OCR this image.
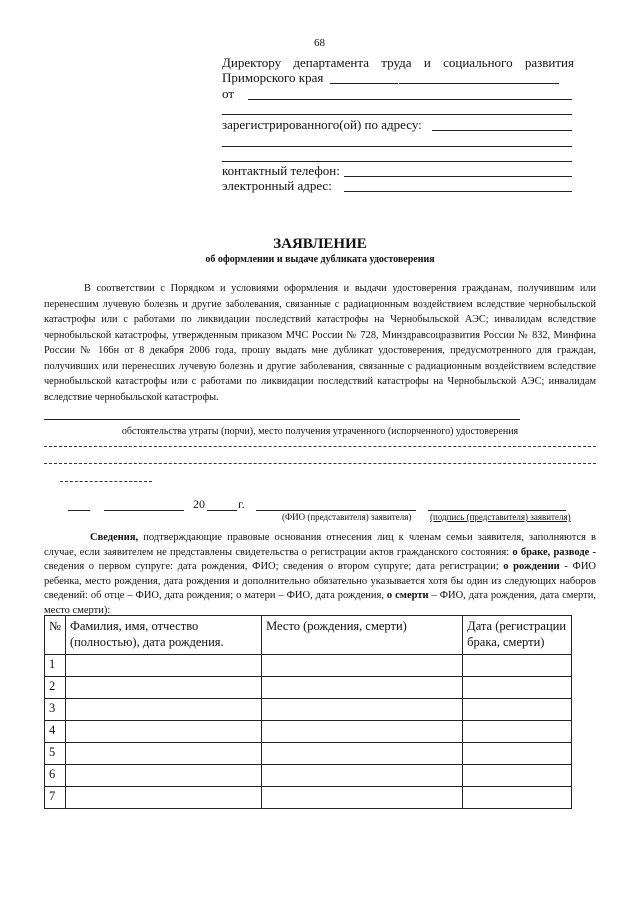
68
Директору департамента труда и социального развития
Приморского края
от
зарегистрированного(ой) по адресу:
контактный телефон:
электронный адрес:
ЗАЯВЛЕНИЕ
об оформлении и выдаче дубликата удостоверения
В соответствии с Порядком и условиями оформления и выдачи удостоверения гражданам, получившим или перенесшим лучевую болезнь и другие заболевания, связанные с радиационным воздействием вследствие чернобыльской катастрофы или с работами по ликвидации последствий катастрофы на Чернобыльской АЭС; инвалидам вследствие чернобыльской катастрофы, утвержденным приказом МЧС России № 728, Минздравсоцразвития России № 832, Минфина России № 166н от 8 декабря 2006 года, прошу выдать мне дубликат удостоверения, предусмотренного для граждан, получивших или перенесших лучевую болезнь и другие заболевания, связанные с радиационным воздействием вследствие чернобыльской катастрофы или с работами по ликвидации последствий катастрофы на Чернобыльской АЭС; инвалидам вследствие чернобыльской катастрофы.
обстоятельства утраты (порчи), место получения утраченного (испорченного) удостоверения
20	г.
(ФИО (представителя) заявителя) (подпись (представителя) заявителя)
Сведения, подтверждающие правовые основания отнесения лиц к членам семьи заявителя, заполняются в случае, если заявителем не представлены свидетельства о регистрации актов гражданского состояния: о браке, разводе - сведения о первом супруге: дата рождения, ФИО; сведения о втором супруге; дата регистрации; о рождении - ФИО ребенка, место рождения, дата рождения и дополнительно обязательно указывается хотя бы один из следующих наборов сведений: об отце – ФИО, дата рождения; о матери – ФИО, дата рождения, о смерти – ФИО, дата рождения, дата смерти, место смерти):
№	Фамилия, имя, отчество (полностью), дата рождения.	Место (рождения, смерти)	Дата (регистрации брака, смерти)
1			
2			
3			
4			
5			
6			
7			
